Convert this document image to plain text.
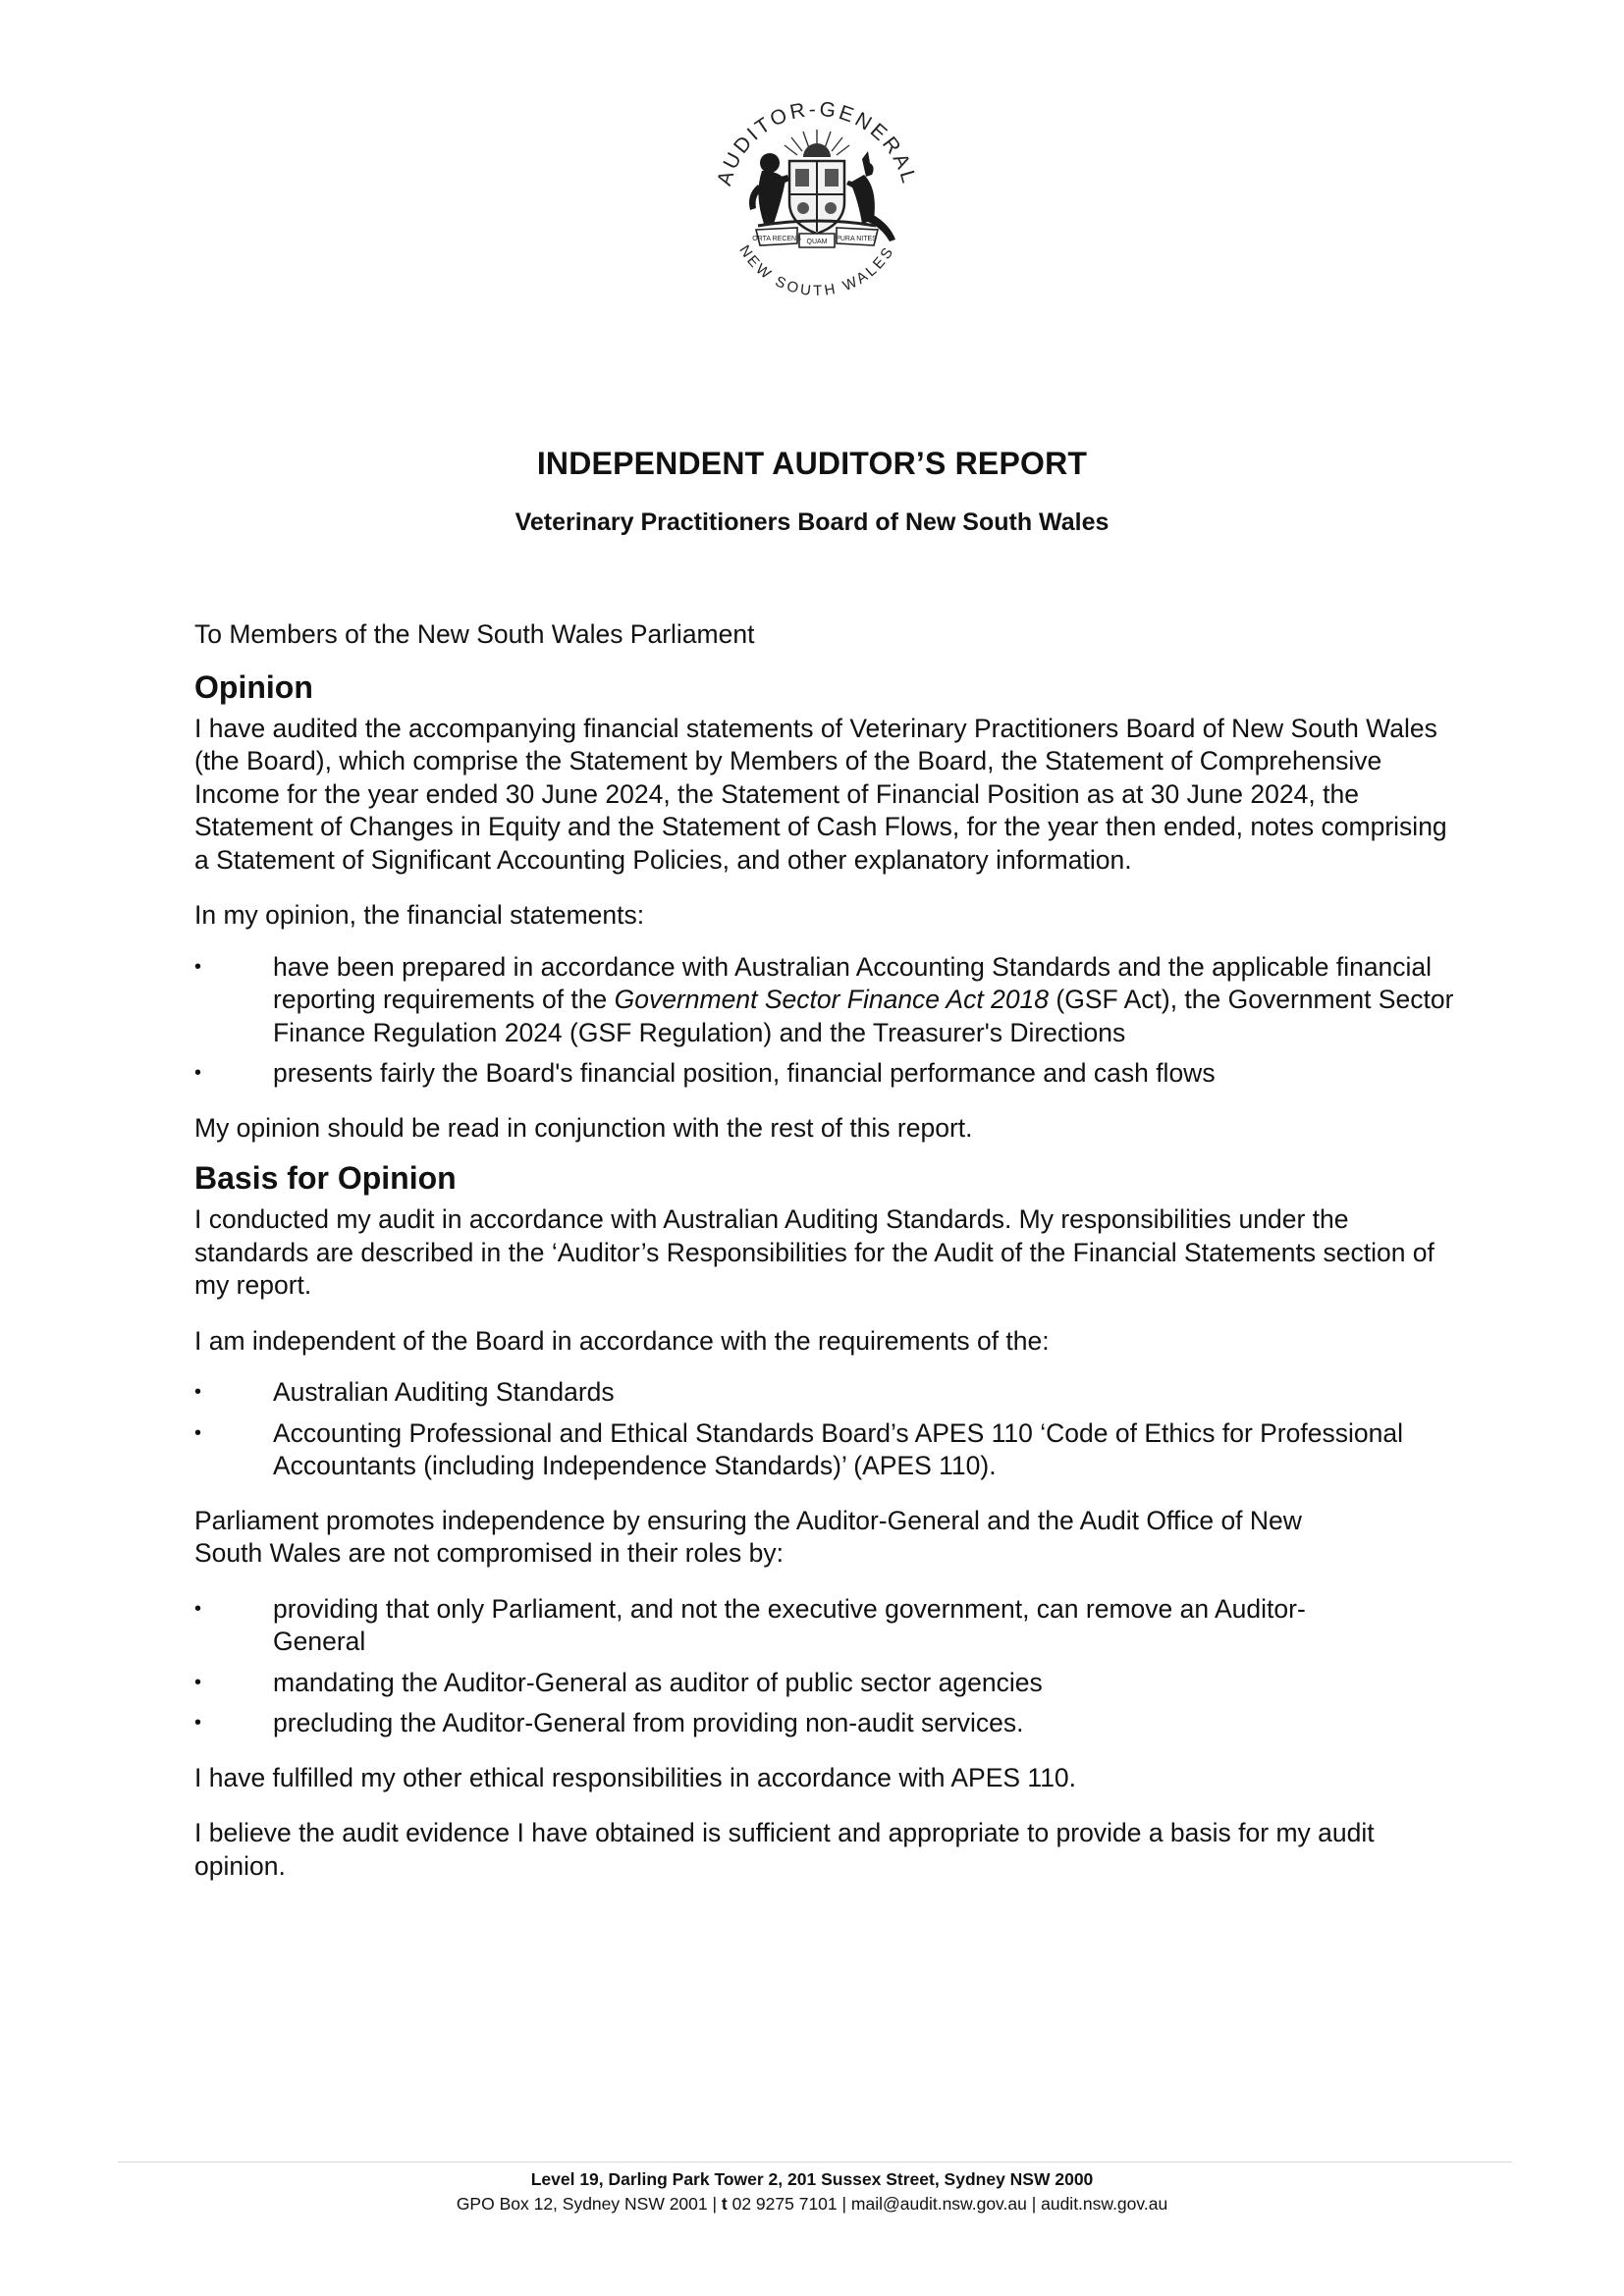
AUDITOR-GENERAL
NEW SOUTH WALES
ORTA RECENS QUAM PURA NITES
INDEPENDENT AUDITOR’S REPORT
Veterinary Practitioners Board of New South Wales

To Members of the New South Wales Parliament

Opinion

I have audited the accompanying financial statements of Veterinary Practitioners Board of New South Wales (the Board), which comprise the Statement by Members of the Board, the Statement of Comprehensive Income for the year ended 30 June 2024, the Statement of Financial Position as at 30 June 2024, the Statement of Changes in Equity and the Statement of Cash Flows, for the year then ended, notes comprising a Statement of Significant Accounting Policies, and other explanatory information.

In my opinion, the financial statements:

•	have been prepared in accordance with Australian Accounting Standards and the applicable financial reporting requirements of the Government Sector Finance Act 2018 (GSF Act), the Government Sector Finance Regulation 2024 (GSF Regulation) and the Treasurer's Directions
•	presents fairly the Board's financial position, financial performance and cash flows

My opinion should be read in conjunction with the rest of this report.

Basis for Opinion

I conducted my audit in accordance with Australian Auditing Standards. My responsibilities under the standards are described in the ‘Auditor’s Responsibilities for the Audit of the Financial Statements section of my report.

I am independent of the Board in accordance with the requirements of the:

•	Australian Auditing Standards
•	Accounting Professional and Ethical Standards Board’s APES 110 ‘Code of Ethics for Professional Accountants (including Independence Standards)’ (APES 110).

Parliament promotes independence by ensuring the Auditor-General and the Audit Office of New South Wales are not compromised in their roles by:

•	providing that only Parliament, and not the executive government, can remove an Auditor-General
•	mandating the Auditor-General as auditor of public sector agencies
•	precluding the Auditor-General from providing non-audit services.

I have fulfilled my other ethical responsibilities in accordance with APES 110.

I believe the audit evidence I have obtained is sufficient and appropriate to provide a basis for my audit opinion.

Level 19, Darling Park Tower 2, 201 Sussex Street, Sydney NSW 2000
GPO Box 12, Sydney NSW 2001 | t 02 9275 7101 | mail@audit.nsw.gov.au | audit.nsw.gov.au
